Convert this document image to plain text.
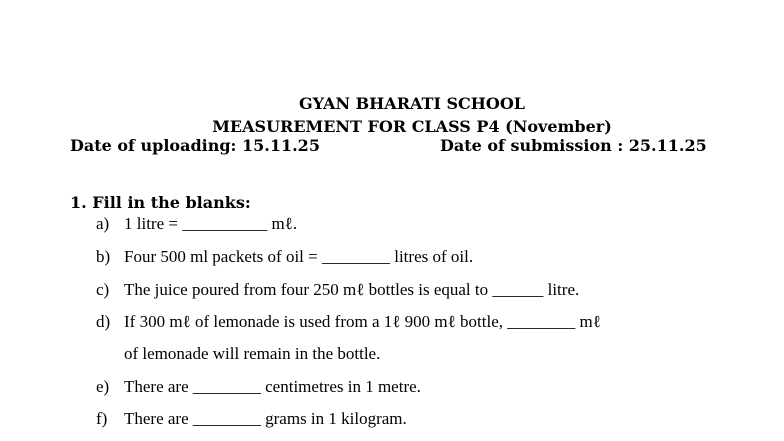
GYAN BHARATI SCHOOL
MEASUREMENT FOR CLASS P4 (November)
Date of uploading: 15.11.25	Date of submission : 25.11.25
1. Fill in the blanks:
a) 1 litre = __________ mℓ.
b) Four 500 ml packets of oil = ________ litres of oil.
c) The juice poured from four 250 mℓ bottles is equal to ______ litre.
d) If 300 mℓ of lemonade is used from a 1ℓ 900 mℓ bottle, ________ mℓ
of lemonade will remain in the bottle.
e) There are ________ centimetres in 1 metre.
f) There are ________ grams in 1 kilogram.
